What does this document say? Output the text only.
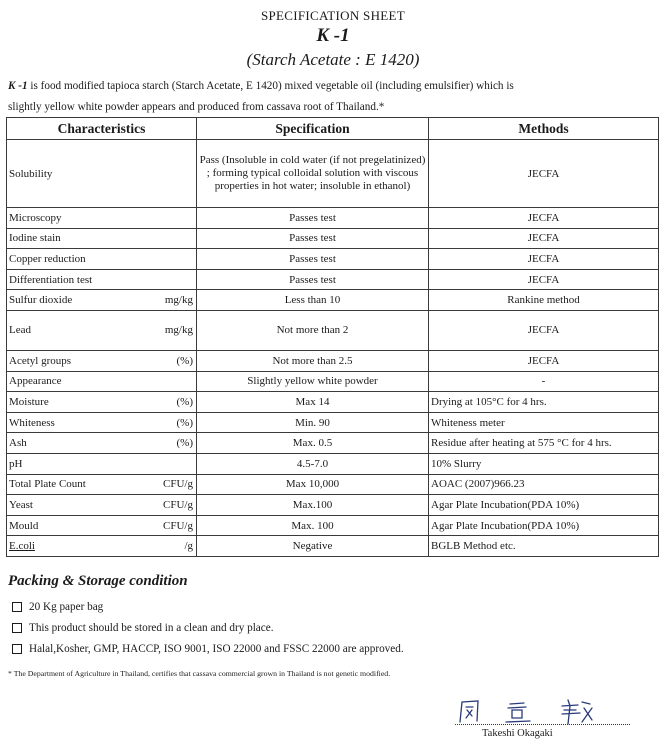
SPECIFICATION SHEET
K -1
(Starch Acetate : E 1420)
K -1 is food modified tapioca starch (Starch Acetate, E 1420) mixed vegetable oil (including emulsifier) which is
slightly yellow white powder appears and produced from cassava root of Thailand.*
Characteristics	Specification	Methods

Solubility	Pass (Insoluble in cold water (if not pregelatinized) ; forming typical colloidal solution with viscous properties in hot water; insoluble in ethanol)	JECFA

Microscopy	Passes test	JECFA

Iodine stain	Passes test	JECFA

Copper reduction	Passes test	JECFA

Differentiation test	Passes test	JECFA

Sulfur dioxide mg/kg	Less than 10	Rankine method

Lead mg/kg	Not more than 2	JECFA

Acetyl groups (%)	Not more than 2.5	JECFA

Appearance	Slightly yellow white powder	-

Moisture (%)	Max 14	Drying at 105°C for 4 hrs.

Whiteness (%)	Min. 90	Whiteness meter

Ash (%)	Max. 0.5	Residue after heating at 575 °C for 4 hrs.

pH	4.5-7.0	10% Slurry

Total Plate Count CFU/g	Max 10,000	AOAC (2007)966.23

Yeast CFU/g	Max.100	Agar Plate Incubation(PDA 10%)

Mould CFU/g	Max. 100	Agar Plate Incubation(PDA 10%)

E.coli /g	Negative	BGLB Method etc.
Packing & Storage condition
20 Kg paper bag
This product should be stored in a clean and dry place.
Halal,Kosher, GMP, HACCP, ISO 9001, ISO 22000 and FSSC 22000 are approved.
* The Department of Agriculture in Thailand, certifies that cassava commercial grown in Thailand is not genetic modified.
Takeshi Okagaki
